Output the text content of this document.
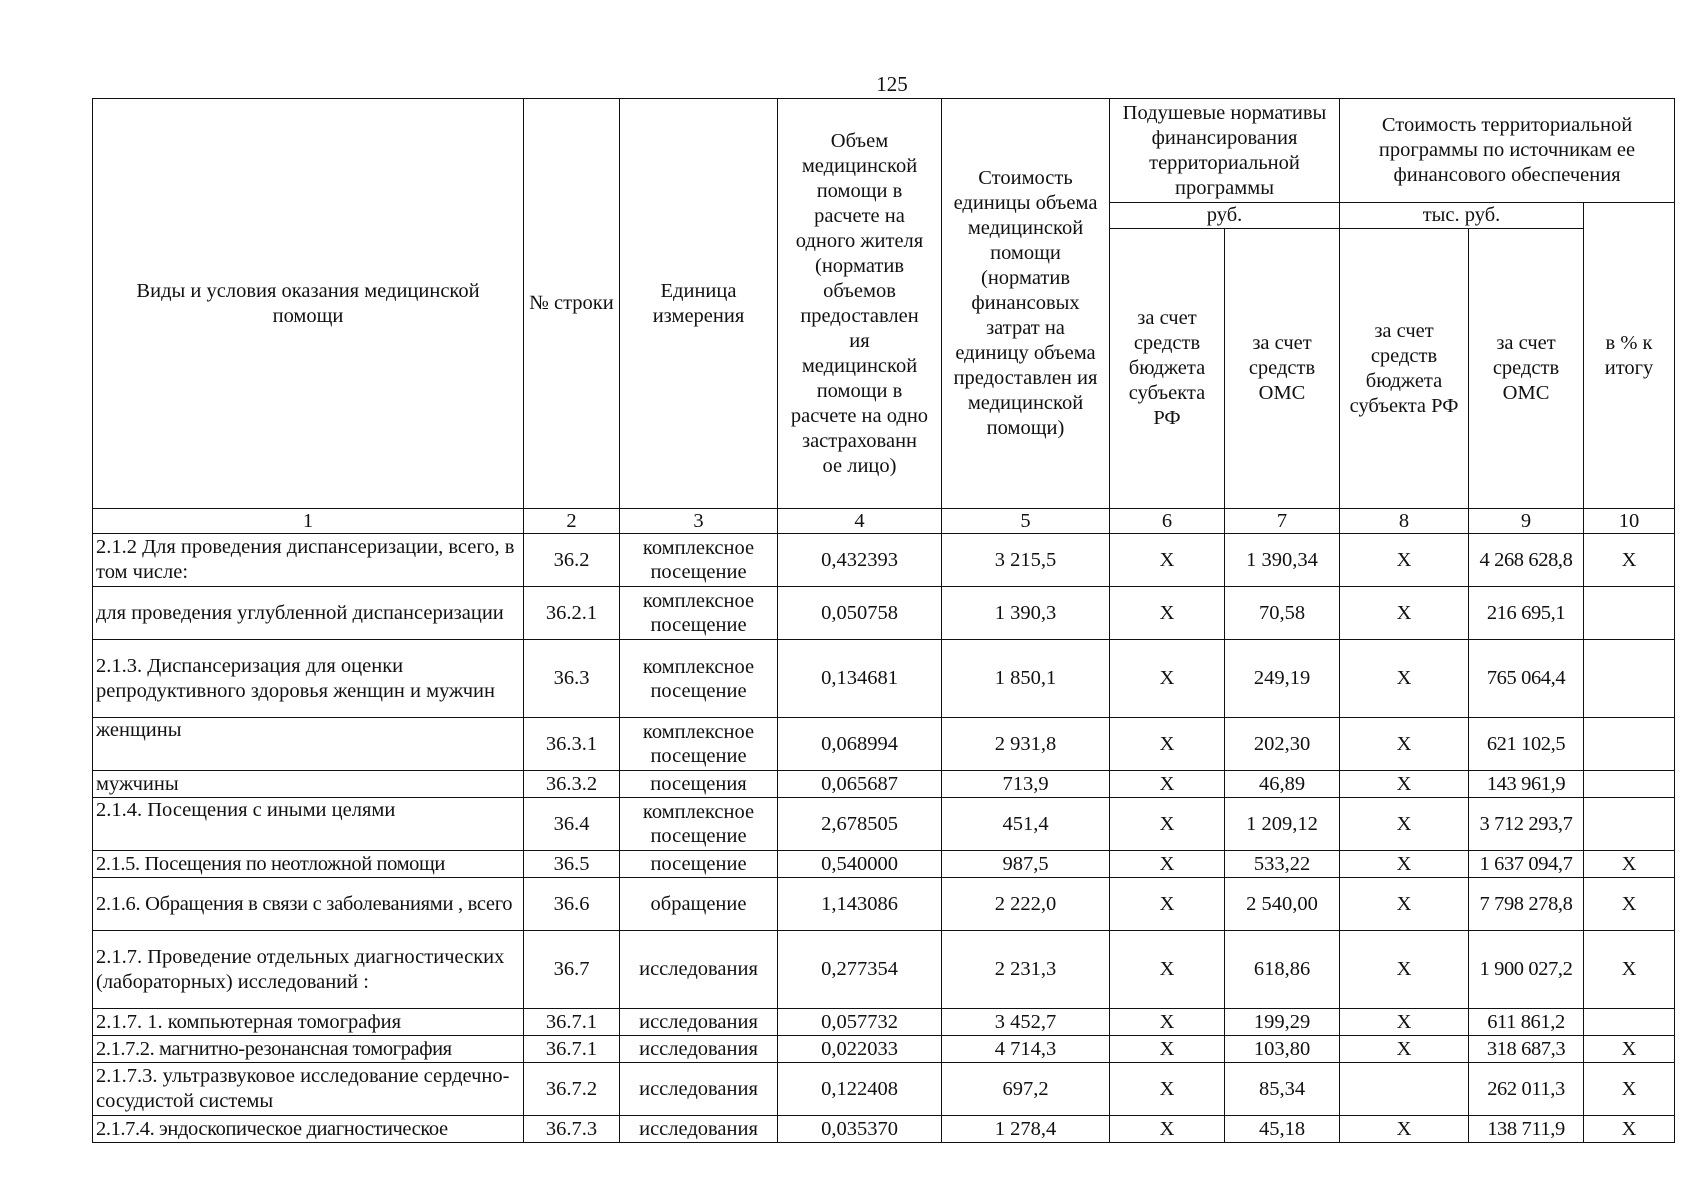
125
Виды и условия оказания медицинской помощи	№ строки	Единица измерения	Объем медицинской помощи в расчете на одного жителя (норматив объемов предоставлен ия медицинской помощи в расчете на одно застрахованн ое лицо)	Стоимость единицы объема медицинской помощи (норматив финансовых затрат на единицу объема предоставлен ия медицинской помощи)	Подушевые нормативы финансирования территориальной программы		Стоимость территориальной программы по источникам ее финансового обеспечения		
					руб.		тыс. руб.		в % к итогу
					за счет средств бюджета субъекта РФ	за счет средств ОМС	за счет средств бюджета субъекта РФ	за счет средств ОМС	
1	2	3	4	5	6	7	8	9	10
2.1.2 Для проведения диспансеризации, всего, в том числе:	36.2	комплексное посещение	0,432393	3 215,5	X	1 390,34	X	4 268 628,8	X
для проведения углубленной диспансеризации	36.2.1	комплексное посещение	0,050758	1 390,3	X	70,58	X	216 695,1	
2.1.3. Диспансеризация для оценки репродуктивного здоровья женщин и мужчин	36.3	комплексное посещение	0,134681	1 850,1	X	249,19	X	765 064,4	
женщины	36.3.1	комплексное посещение	0,068994	2 931,8	X	202,30	X	621 102,5	
мужчины	36.3.2	посещения	0,065687	713,9	X	46,89	X	143 961,9	
2.1.4. Посещения с иными целями	36.4	комплексное посещение	2,678505	451,4	X	1 209,12	X	3 712 293,7	
2.1.5. Посещения по неотложной помощи	36.5	посещение	0,540000	987,5	X	533,22	X	1 637 094,7	X
2.1.6. Обращения в связи с заболеваниями , всего	36.6	обращение	1,143086	2 222,0	X	2 540,00	X	7 798 278,8	X
2.1.7. Проведение отдельных диагностических (лабораторных) исследований :	36.7	исследования	0,277354	2 231,3	X	618,86	X	1 900 027,2	X
2.1.7. 1. компьютерная томография	36.7.1	исследования	0,057732	3 452,7	X	199,29	X	611 861,2	
2.1.7.2. магнитно-резонансная томография	36.7.1	исследования	0,022033	4 714,3	X	103,80	X	318 687,3	X
2.1.7.3. ультразвуковое исследование сердечно-сосудистой системы	36.7.2	исследования	0,122408	697,2	X	85,34		262 011,3	X
2.1.7.4. эндоскопическое диагностическое	36.7.3	исследования	0,035370	1 278,4	X	45,18	X	138 711,9	X
